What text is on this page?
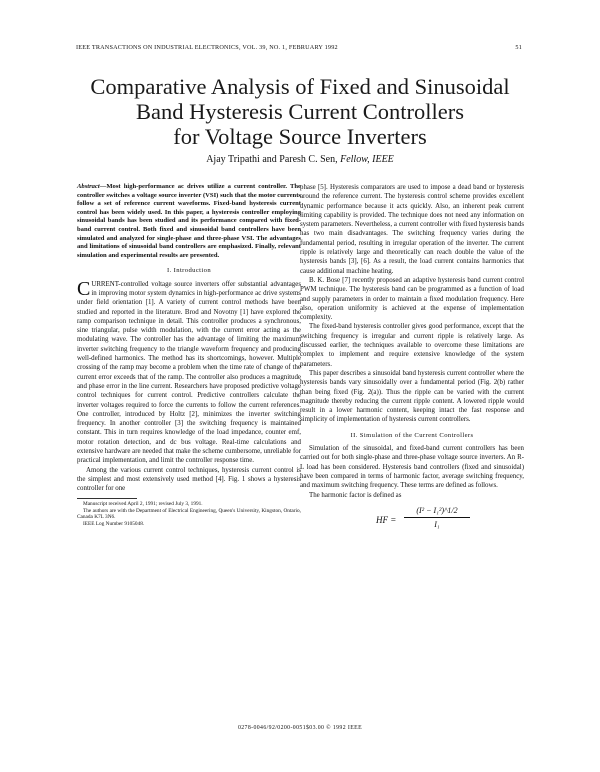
IEEE TRANSACTIONS ON INDUSTRIAL ELECTRONICS, VOL. 39, NO. 1, FEBRUARY 1992	51
Comparative Analysis of Fixed and Sinusoidal
Band Hysteresis Current Controllers
for Voltage Source Inverters
Ajay Tripathi and Paresh C. Sen, Fellow, IEEE
Abstract—Most high-performance ac drives utilize a current controller. The controller switches a voltage source inverter (VSI) such that the motor currents follow a set of reference current waveforms. Fixed-band hysteresis current control has been widely used. In this paper, a hysteresis controller employing sinusoidal bands has been studied and its performance compared with fixed-band current control. Both fixed and sinusoidal band controllers have been simulated and analyzed for single-phase and three-phase VSI. The advantages and limitations of sinusoidal band controllers are emphasized. Finally, relevant simulation and experimental results are presented.
I. Introduction

CURRENT-controlled voltage source inverters offer substantial advantages in improving motor system dynamics in high-performance ac drive systems under field orientation [1]. A variety of current control methods have been studied and reported in the literature. Brod and Novotny [1] have explored the ramp comparison technique in detail. This controller produces a synchronous, sine triangular, pulse width modulation, with the current error acting as the modulating wave. The controller has the advantage of limiting the maximum inverter switching frequency to the triangle waveform frequency and producing well-defined harmonics. The method has its shortcomings, however. Multiple crossing of the ramp may become a problem when the time rate of change of the current error exceeds that of the ramp. The controller also produces a magnitude and phase error in the line current. Researchers have proposed predictive voltage control techniques for current control. Predictive controllers calculate the inverter voltages required to force the currents to follow the current references. One controller, introduced by Holtz [2], minimizes the inverter switching frequency. In another controller [3] the switching frequency is maintained constant. This in turn requires knowledge of the load impedance, counter emf, motor rotation detection, and dc bus voltage. Real-time calculations and extensive hardware are needed that make the scheme cumbersome, unreliable for practical implementation, and limit the controller response time.

Among the various current control techniques, hysteresis current control is the simplest and most extensively used method [4]. Fig. 1 shows a hysteresis controller for one

Manuscript received April 2, 1991; revised July 3, 1991.
The authors are with the Department of Electrical Engineering, Queen's University, Kingston, Ontario, Canada K7L 3N6.
IEEE Log Number 9105048.

phase [5]. Hysteresis comparators are used to impose a dead band or hysteresis around the reference current. The hysteresis control scheme provides excellent dynamic performance because it acts quickly. Also, an inherent peak current limiting capability is provided. The technique does not need any information on system parameters. Nevertheless, a current controller with fixed hysteresis bands has two main disadvantages. The switching frequency varies during the fundamental period, resulting in irregular operation of the inverter. The current ripple is relatively large and theoretically can reach double the value of the hysteresis bands [3], [6]. As a result, the load current contains harmonics that cause additional machine heating.

B. K. Bose [7] recently proposed an adaptive hysteresis band current control PWM technique. The hysteresis band can be programmed as a function of load and supply parameters in order to maintain a fixed modulation frequency. Here also, operation uniformity is achieved at the expense of implementation complexity.

The fixed-band hysteresis controller gives good performance, except that the switching frequency is irregular and current ripple is relatively large. As discussed earlier, the techniques available to overcome these limitations are complex to implement and require extensive knowledge of the system parameters.

This paper describes a sinusoidal band hysteresis current controller where the hysteresis bands vary sinusoidally over a fundamental period (Fig. 2(b) rather than being fixed (Fig. 2(a)). Thus the ripple can be varied with the current magnitude thereby reducing the current ripple content. A lowered ripple would result in a lower harmonic content, keeping intact the fast response and simplicity of implementation of hysteresis current controllers.

II. Simulation of the Current Controllers

Simulation of the sinusoidal, and fixed-band current controllers has been carried out for both single-phase and three-phase voltage source inverters. An R-L load has been considered. Hysteresis band controllers (fixed and sinusoidal) have been compared in terms of harmonic factor, average switching frequency, and maximum switching frequency. These terms are defined as follows.

The harmonic factor is defined as

HF = $\frac{\text{(I² − I₁²)\textasciicircum{}1/2}}{\text{I₁}}$
0278-0046/92/0200-0051$03.00 © 1992 IEEE
